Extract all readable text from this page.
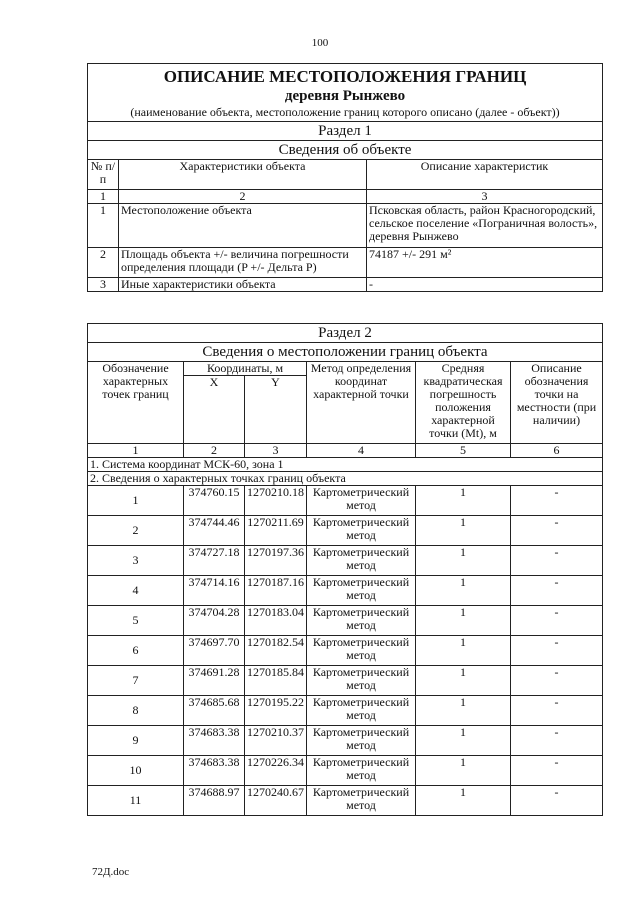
100
ОПИСАНИЕ МЕСТОПОЛОЖЕНИЯ ГРАНИЦ
деревня Рынжево
(наименование объекта, местоположение границ которого описано (далее - объект))		

Раздел 1		
Сведения об объекте		
№ п/п	Характеристики объекта	Описание характеристик
1	2	3
1	Местоположение объекта	Псковская область, район Красногородский, сельское поселение «Пограничная волость», деревня Рынжево
2	Площадь объекта +/- величина погрешности определения площади (P +/- Дельта P)	74187 +/- 291 м²
3	Иные характеристики объекта	-
Раздел 2					
Сведения о местоположении границ объекта					
Обозначение характерных точек границ	Координаты, м		Метод определения координат характерной точки	Средняя квадратическая погрешность положения характерной точки (Mt), м	Описание обозначения точки на местности (при наличии)
	X	Y			
1	2	3	4	5	6
1. Система координат МСК-60, зона 1					
2. Сведения о характерных точках границ объекта					
1	374760.15	1270210.18	Картометрический метод	1	-
2	374744.46	1270211.69	Картометрический метод	1	-
3	374727.18	1270197.36	Картометрический метод	1	-
4	374714.16	1270187.16	Картометрический метод	1	-
5	374704.28	1270183.04	Картометрический метод	1	-
6	374697.70	1270182.54	Картометрический метод	1	-
7	374691.28	1270185.84	Картометрический метод	1	-
8	374685.68	1270195.22	Картометрический метод	1	-
9	374683.38	1270210.37	Картометрический метод	1	-
10	374683.38	1270226.34	Картометрический метод	1	-
11	374688.97	1270240.67	Картометрический метод	1	-
72Д.doc
